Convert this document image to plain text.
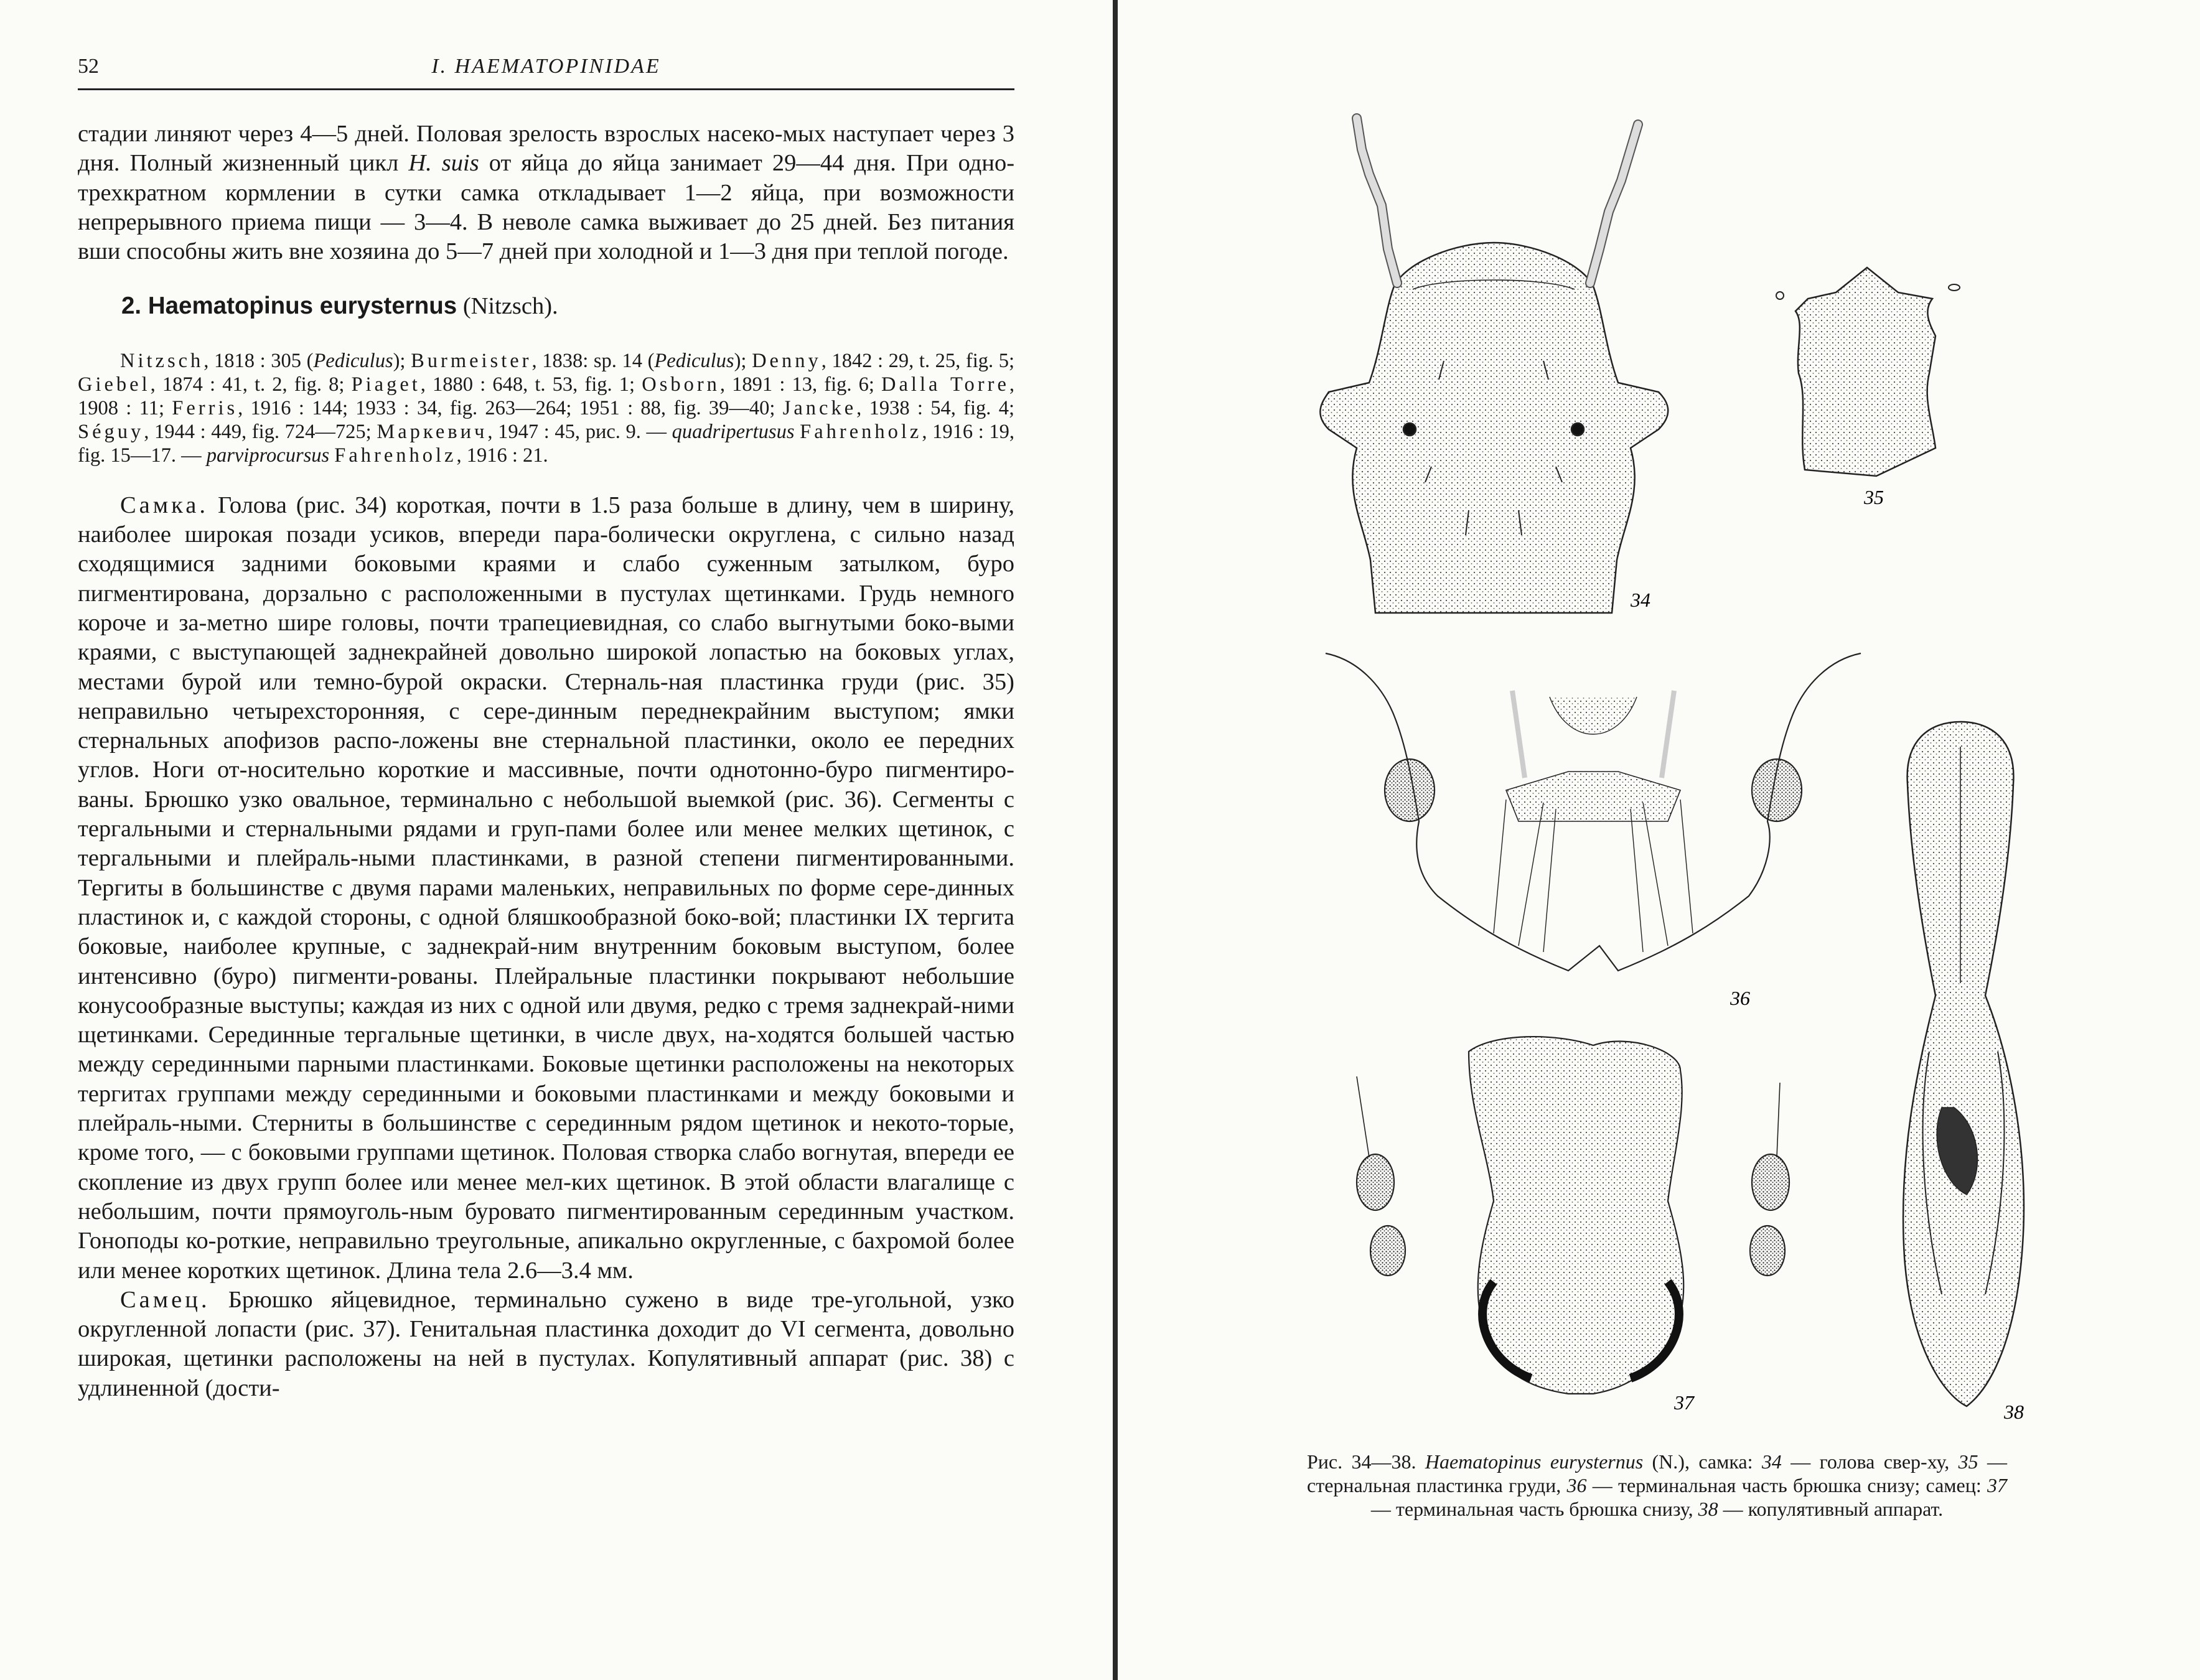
52	I. HAEMATOPINIDAE

стадии линяют через 4—5 дней. Половая зрелость взрослых насеко-мых наступает через 3 дня. Полный жизненный цикл H. suis от яйца до яйца занимает 29—44 дня. При одно-трехкратном кормлении в сутки самка откладывает 1—2 яйца, при возможности непрерывного приема пищи — 3—4. В неволе самка выживает до 25 дней. Без питания вши способны жить вне хозяина до 5—7 дней при холодной и 1—3 дня при теплой погоде.

2. Haematopinus eurysternus (Nitzsch).

Nitzsch, 1818 : 305 (Pediculus); Burmeister, 1838: sp. 14 (Pediculus); Denny, 1842 : 29, t. 25, fig. 5; Giebel, 1874 : 41, t. 2, fig. 8; Piaget, 1880 : 648, t. 53, fig. 1; Osborn, 1891 : 13, fig. 6; Dalla Torre, 1908 : 11; Ferris, 1916 : 144; 1933 : 34, fig. 263—264; 1951 : 88, fig. 39—40; Jancke, 1938 : 54, fig. 4; Séguy, 1944 : 449, fig. 724—725; Маркевич, 1947 : 45, рис. 9. — quadripertusus Fahrenholz, 1916 : 19, fig. 15—17. — parviprocursus Fahrenholz, 1916 : 21.

Самка. Голова (рис. 34) короткая, почти в 1.5 раза больше в длину, чем в ширину, наиболее широкая позади усиков, впереди пара-болически округлена, с сильно назад сходящимися задними боковыми краями и слабо суженным затылком, буро пигментирована, дорзально с расположенными в пустулах щетинками. Грудь немного короче и за-метно шире головы, почти трапециевидная, со слабо выгнутыми боко-выми краями, с выступающей заднекрайней довольно широкой лопастью на боковых углах, местами бурой или темно-бурой окраски. Стерналь-ная пластинка груди (рис. 35) неправильно четырехсторонняя, с сере-динным переднекрайним выступом; ямки стернальных апофизов распо-ложены вне стернальной пластинки, около ее передних углов. Ноги от-носительно короткие и массивные, почти однотонно-буро пигментиро-ваны. Брюшко узко овальное, терминально с небольшой выемкой (рис. 36). Сегменты с тергальными и стернальными рядами и груп-пами более или менее мелких щетинок, с тергальными и плейраль-ными пластинками, в разной степени пигментированными. Тергиты в большинстве с двумя парами маленьких, неправильных по форме сере-динных пластинок и, с каждой стороны, с одной бляшкообразной боко-вой; пластинки IX тергита боковые, наиболее крупные, с заднекрай-ним внутренним боковым выступом, более интенсивно (буро) пигменти-рованы. Плейральные пластинки покрывают небольшие конусообразные выступы; каждая из них с одной или двумя, редко с тремя заднекрай-ними щетинками. Серединные тергальные щетинки, в числе двух, на-ходятся большей частью между серединными парными пластинками. Боковые щетинки расположены на некоторых тергитах группами между серединными и боковыми пластинками и между боковыми и плейраль-ными. Стерниты в большинстве с серединным рядом щетинок и некото-торые, кроме того, — с боковыми группами щетинок. Половая створка слабо вогнутая, впереди ее скопление из двух групп более или менее мел-ких щетинок. В этой области влагалище с небольшим, почти прямоуголь-ным буровато пигментированным серединным участком. Гоноподы ко-роткие, неправильно треугольные, апикально округленные, с бахромой более или менее коротких щетинок. Длина тела 2.6—3.4 мм.

Самец. Брюшко яйцевидное, терминально сужено в виде тре-угольной, узко округленной лопасти (рис. 37). Генитальная пластинка доходит до VI сегмента, довольно широкая, щетинки расположены на ней в пустулах. Копулятивный аппарат (рис. 38) с удлиненной (дости-

34
35
36
37	38
Рис. 34—38. Haematopinus eurysternus (N.), самка: 34 — голова свер-ху, 35 — стернальная пластинка груди, 36 — терминальная часть брюшка снизу; самец: 37 — терминальная часть брюшка снизу, 38 — копулятивный аппарат.
